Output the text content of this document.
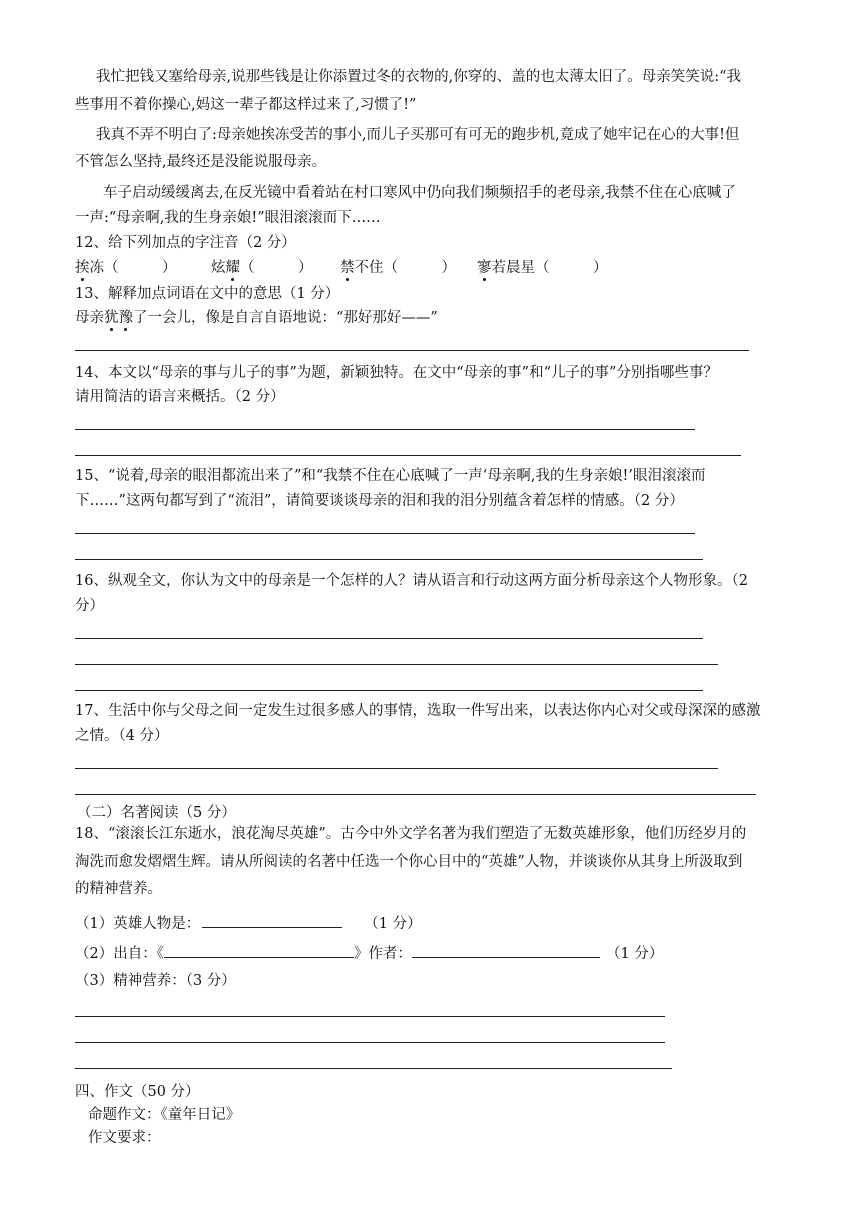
我忙把钱又塞给母亲,说那些钱是让你添置过冬的衣物的,你穿的、盖的也太薄太旧了。母亲笑笑说:“我
些事用不着你操心,妈这一辈子都这样过来了,习惯了!”
我真不弄不明白了:母亲她挨冻受苦的事小,而儿子买那可有可无的跑步机,竟成了她牢记在心的大事!但
不管怎么坚持,最终还是没能说服母亲。
车子启动缓缓离去,在反光镜中看着站在村口寒风中仍向我们频频招手的老母亲,我禁不住在心底喊了
一声:“母亲啊,我的生身亲娘!”眼泪滚滚而下……
12、给下列加点的字注音（2 分）
挨冻（　　　） 炫耀（　　　） 禁不住（　　　） 寥若晨星（　　　）
13、解释加点词语在文中的意思（1 分）
母亲犹豫了一会儿，像是自言自语地说：“那好那好——”
14、本文以“母亲的事与儿子的事”为题，新颖独特。在文中“母亲的事”和“儿子的事”分别指哪些事？
请用简洁的语言来概括。（2 分）
15、“说着,母亲的眼泪都流出来了”和“我禁不住在心底喊了一声‘母亲啊,我的生身亲娘!’眼泪滚滚而
下……”这两句都写到了“流泪”，请简要谈谈母亲的泪和我的泪分别蕴含着怎样的情感。（2 分）
16、纵观全文，你认为文中的母亲是一个怎样的人？请从语言和行动这两方面分析母亲这个人物形象。（2
分）
17、生活中你与父母之间一定发生过很多感人的事情，选取一件写出来，以表达你内心对父或母深深的感激
之情。（4 分）
（二）名著阅读（5 分）
18、“滚滚长江东逝水，浪花淘尽英雄”。古今中外文学名著为我们塑造了无数英雄形象，他们历经岁月的
淘洗而愈发熠熠生辉。请从所阅读的名著中任选一个你心目中的“英雄”人物，并谈谈你从其身上所汲取到
的精神营养。
（1）英雄人物是：	（1 分）
（2）出自：《	》作者：	（1 分）
（3）精神营养：（3 分）
四、作文（50 分）
命题作文：《童年日记》
作文要求：
